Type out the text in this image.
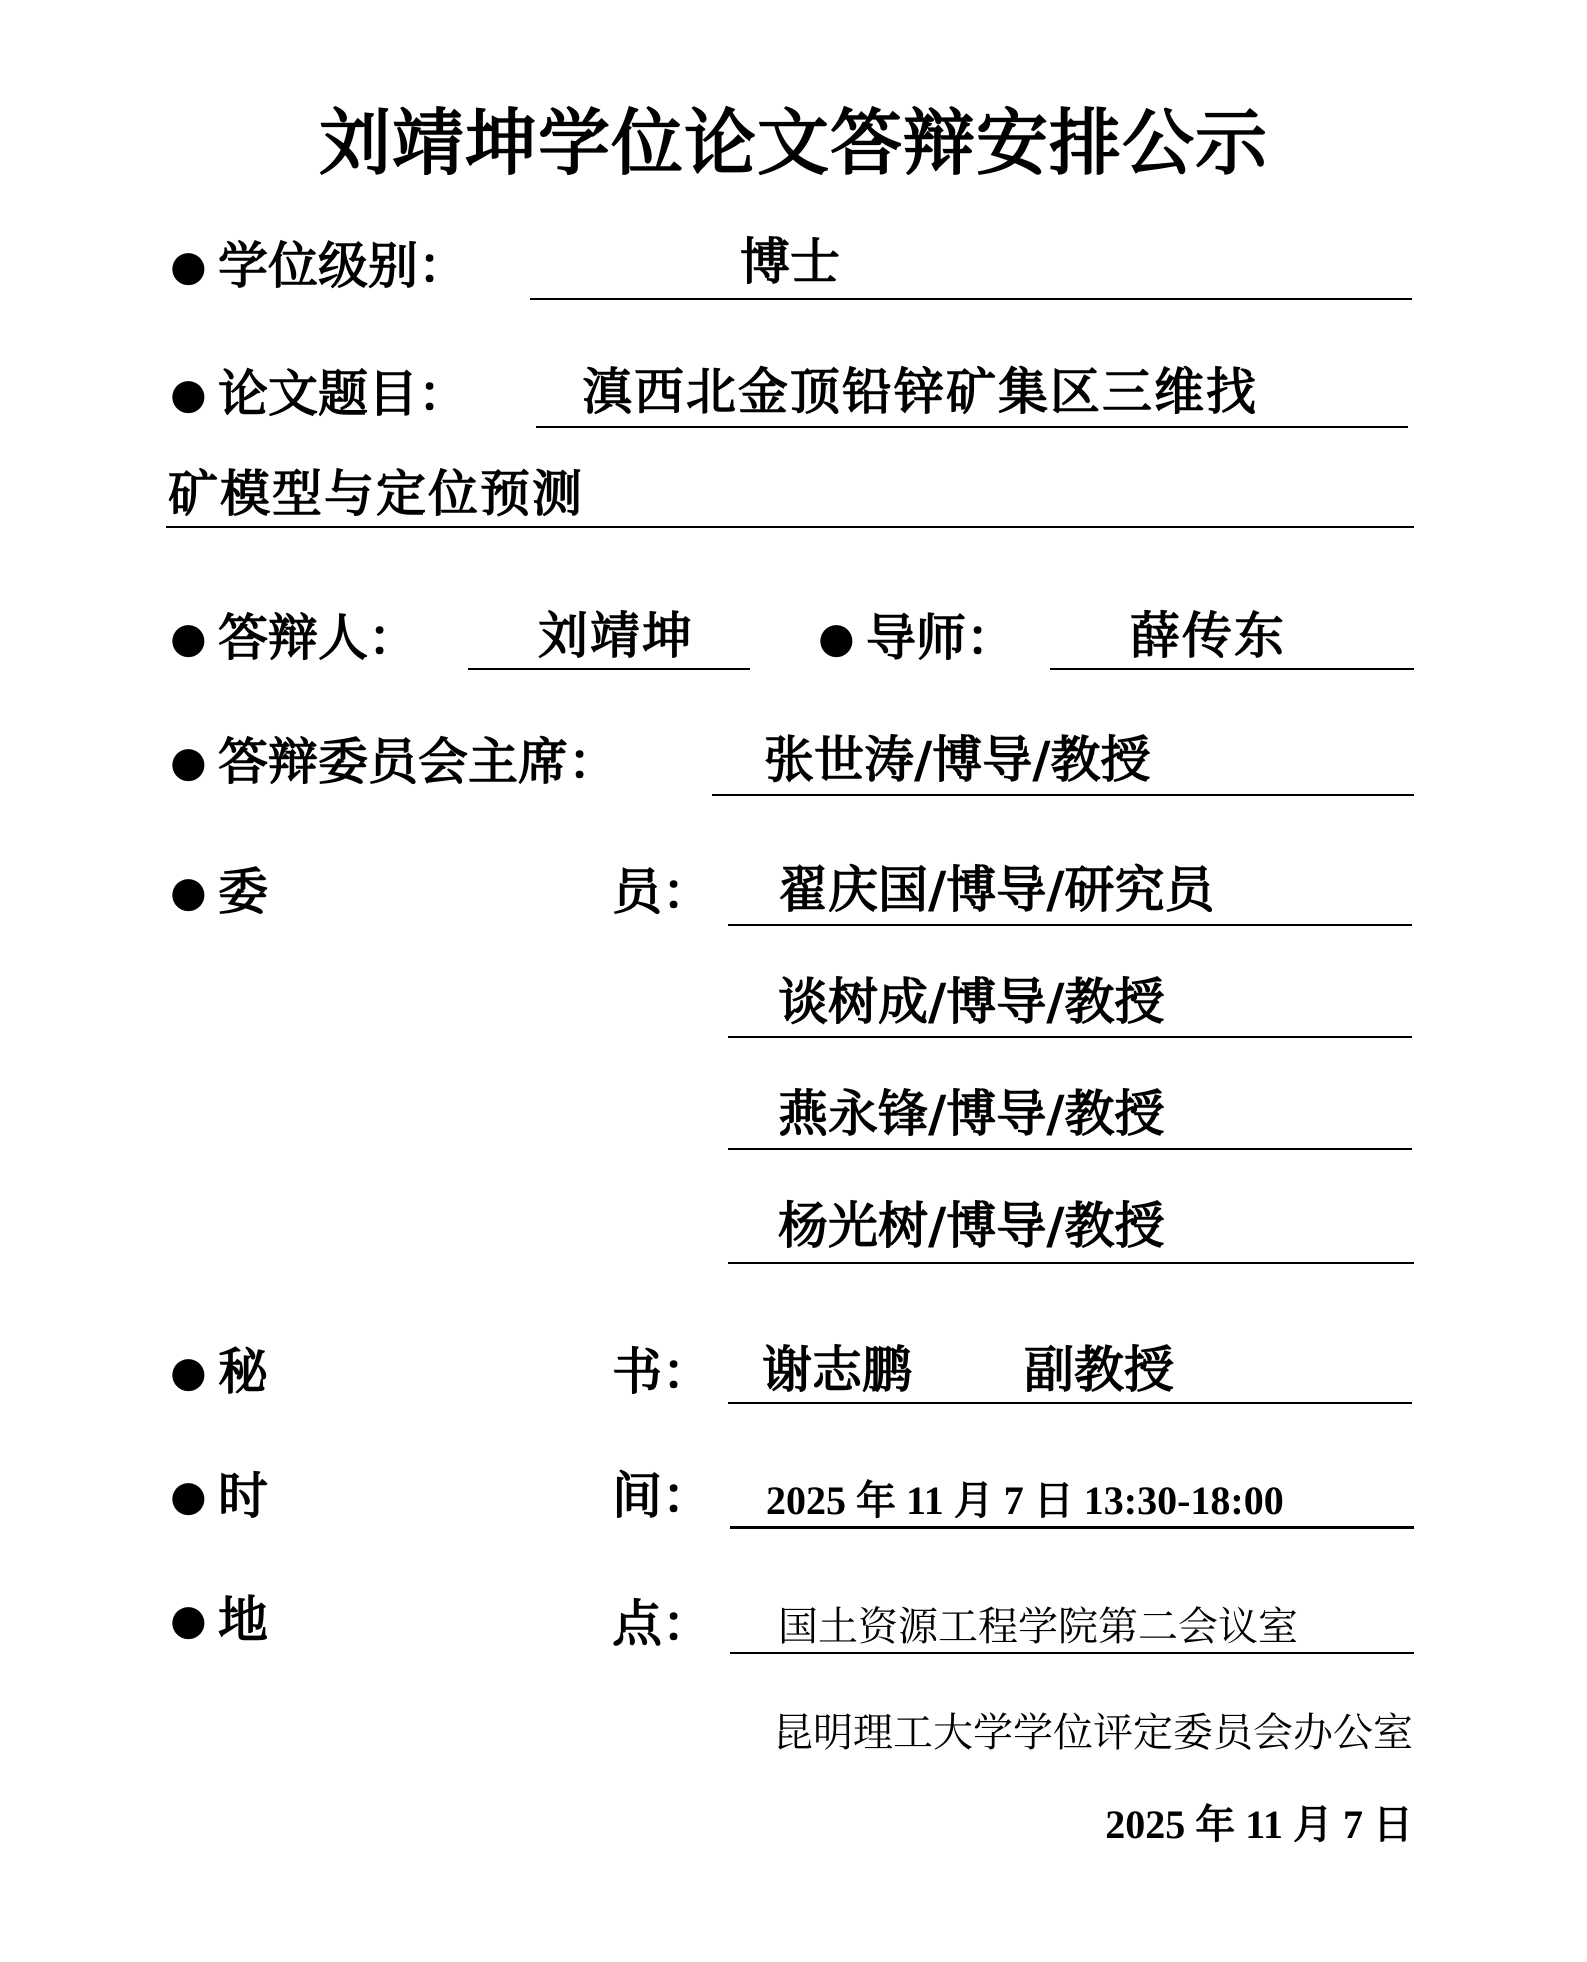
刘靖坤学位论文答辩安排公示
● 学位级别：	博士
● 论文题目： 滇西北金顶铅锌矿集区三维找
矿模型与定位预测
● 答辩人： 刘靖坤	● 导师： 薛传东
● 答辩委员会主席：	张世涛/博导/教授
● 委	员： 翟庆国/博导/研究员
谈树成/博导/教授
燕永锋/博导/教授
杨光树/博导/教授
● 秘	书： 谢志鹏 副教授
● 时	间： 2025 年 11 月 7 日 13:30-18:00
● 地	点： 国土资源工程学院第二会议室
昆明理工大学学位评定委员会办公室
2025 年 11 月 7 日
